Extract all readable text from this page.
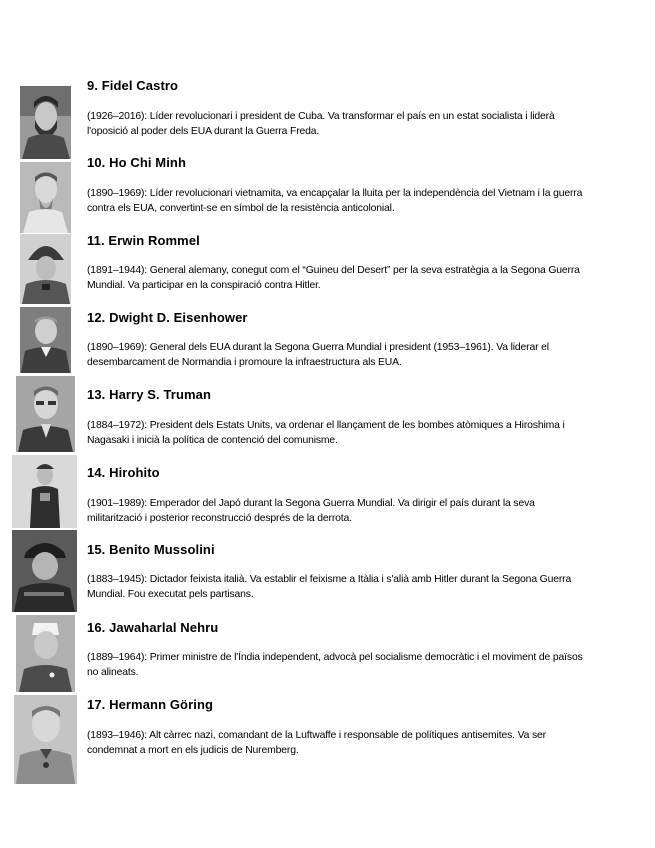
9. Fidel Castro
(1926–2016): Líder revolucionari i president de Cuba. Va transformar el país en un estat socialista i liderà l'oposició al poder dels EUA durant la Guerra Freda.
10. Ho Chi Minh
(1890–1969): Líder revolucionari vietnamita, va encapçalar la lluita per la independència del Vietnam i la guerra contra els EUA, convertint-se en símbol de la resistència anticolonial.
11. Erwin Rommel
(1891–1944): General alemany, conegut com el “Guineu del Desert” per la seva estratègia a la Segona Guerra Mundial. Va participar en la conspiració contra Hitler.
12. Dwight D. Eisenhower
(1890–1969): General dels EUA durant la Segona Guerra Mundial i president (1953–1961). Va liderar el desembarcament de Normandia i promoure la infraestructura als EUA.
13. Harry S. Truman
(1884–1972): President dels Estats Units, va ordenar el llançament de les bombes atòmiques a Hiroshima i Nagasaki i inicià la política de contenció del comunisme.
14. Hirohito
(1901–1989): Emperador del Japó durant la Segona Guerra Mundial. Va dirigir el país durant la seva militarització i posterior reconstrucció després de la derrota.
15. Benito Mussolini
(1883–1945): Dictador feixista italià. Va establir el feixisme a Itàlia i s'alià amb Hitler durant la Segona Guerra Mundial. Fou executat pels partisans.
16. Jawaharlal Nehru
(1889–1964): Primer ministre de l'Índia independent, advocà pel socialisme democràtic i el moviment de països no alineats.
17. Hermann Göring
(1893–1946): Alt càrrec nazi, comandant de la Luftwaffe i responsable de polítiques antisemites. Va ser condemnat a mort en els judicis de Nuremberg.
